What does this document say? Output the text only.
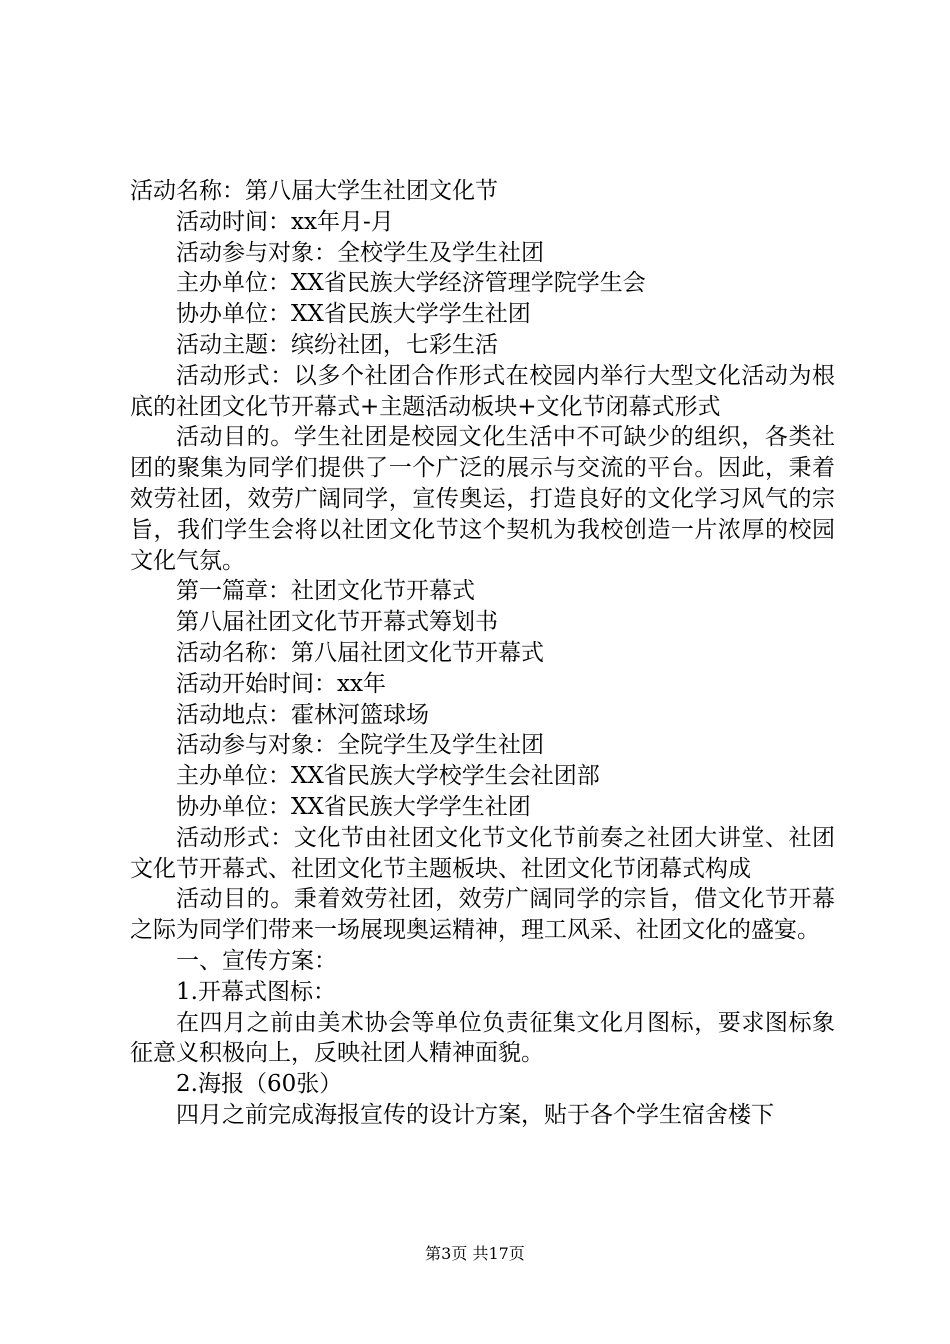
活动名称：第八届大学生社团文化节

活动时间：xx年月-月

活动参与对象：全校学生及学生社团

主办单位：XX省民族大学经济管理学院学生会

协办单位：XX省民族大学学生社团

活动主题：缤纷社团，七彩生活

活动形式：以多个社团合作形式在校园内举行大型文化活动为根底的社团文化节开幕式+主题活动板块+文化节闭幕式形式

活动目的。学生社团是校园文化生活中不可缺少的组织，各类社团的聚集为同学们提供了一个广泛的展示与交流的平台。因此，秉着效劳社团，效劳广阔同学，宣传奥运，打造良好的文化学习风气的宗旨，我们学生会将以社团文化节这个契机为我校创造一片浓厚的校园文化气氛。

第一篇章：社团文化节开幕式

第八届社团文化节开幕式筹划书

活动名称：第八届社团文化节开幕式

活动开始时间：xx年

活动地点：霍林河篮球场

活动参与对象：全院学生及学生社团

主办单位：XX省民族大学校学生会社团部

协办单位：XX省民族大学学生社团

活动形式：文化节由社团文化节文化节前奏之社团大讲堂、社团文化节开幕式、社团文化节主题板块、社团文化节闭幕式构成

活动目的。秉着效劳社团，效劳广阔同学的宗旨，借文化节开幕之际为同学们带来一场展现奥运精神，理工风采、社团文化的盛宴。

一、宣传方案：

1.开幕式图标：

在四月之前由美术协会等单位负责征集文化月图标，要求图标象征意义积极向上，反映社团人精神面貌。

2.海报（60张）

四月之前完成海报宣传的设计方案，贴于各个学生宿舍楼下

第3页 共17页
